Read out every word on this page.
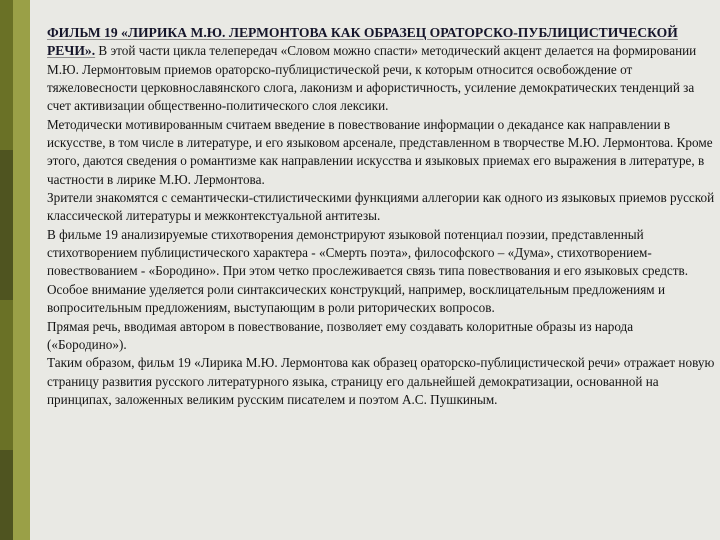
ФИЛЬМ 19 «ЛИРИКА М.Ю. ЛЕРМОНТОВА КАК ОБРАЗЕЦ ОРАТОРСКО-ПУБЛИЦИСТИЧЕСКОЙ РЕЧИ». В этой части цикла телепередач «Словом можно спасти» методический акцент делается на формировании М.Ю. Лермонтовым приемов ораторско-публицистической речи, к которым относится освобождение от тяжеловесности церковнославянского слога, лаконизм и афористичность, усиление демократических тенденций за счет активизации общественно-политического слоя лексики.
Методически мотивированным считаем введение в повествование информации о декадансе как направлении в искусстве, в том числе в литературе, и его языковом арсенале, представленном в творчестве М.Ю. Лермонтова. Кроме этого, даются сведения о романтизме как направлении искусства и языковых приемах его выражения в литературе, в частности в лирике М.Ю. Лермонтова.
Зрители знакомятся с семантически-стилистическими функциями аллегории как одного из языковых приемов русской классической литературы и межконтекстуальной антитезы.
В фильме 19 анализируемые стихотворения демонстрируют языковой потенциал поэзии, представленный стихотворением публицистического характера - «Смерть поэта», философского – «Дума», стихотворением-повествованием - «Бородино». При этом четко прослеживается связь типа повествования и его языковых средств.
Особое внимание уделяется роли синтаксических конструкций, например, восклицательным предложениям и вопросительным предложениям, выступающим в роли риторических вопросов.
Прямая речь, вводимая автором в повествование, позволяет ему создавать колоритные образы из народа («Бородино»).
Таким образом, фильм 19 «Лирика М.Ю. Лермонтова как образец ораторско-публицистической речи» отражает новую страницу развития русского литературного языка, страницу его дальнейшей демократизации, основанной на принципах, заложенных великим русским писателем и поэтом А.С. Пушкиным.
